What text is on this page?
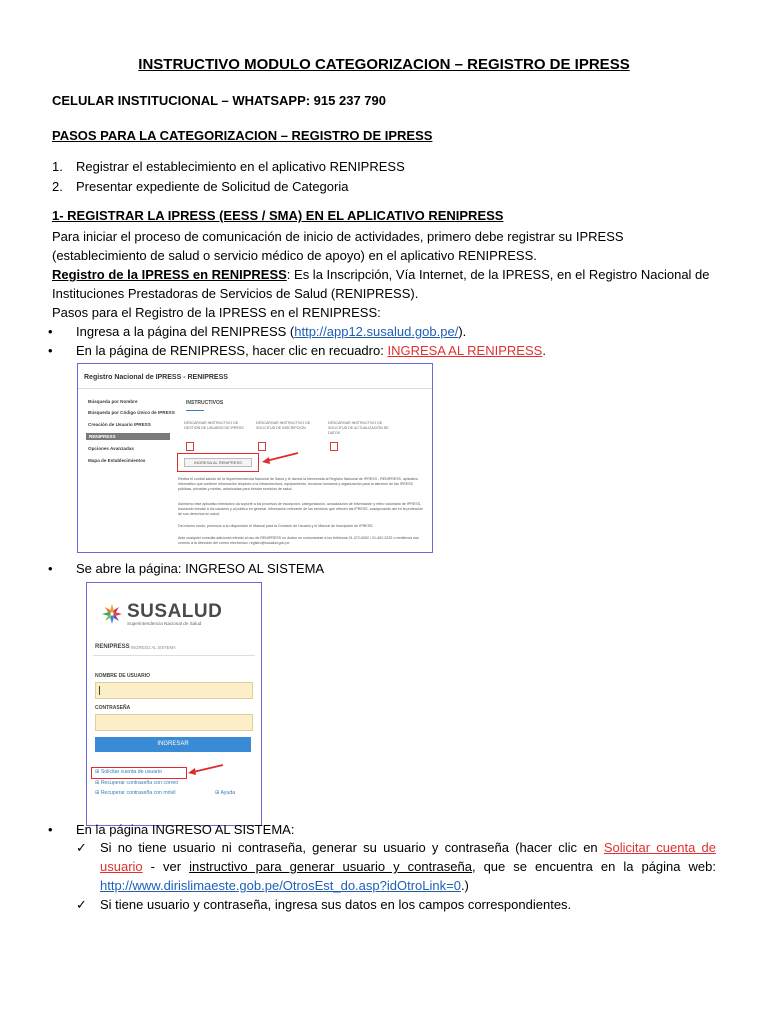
INSTRUCTIVO MODULO CATEGORIZACION – REGISTRO DE IPRESS
CELULAR INSTITUCIONAL – WHATSAPP: 915 237 790
PASOS PARA LA CATEGORIZACION – REGISTRO DE IPRESS
1. Registrar el establecimiento en el aplicativo RENIPRESS
2. Presentar expediente de Solicitud de Categoria
1- REGISTRAR LA IPRESS (EESS / SMA) EN EL APLICATIVO RENIPRESS
Para iniciar el proceso de comunicación de inicio de actividades, primero debe registrar su IPRESS (establecimiento de salud o servicio médico de apoyo) en el aplicativo RENIPRESS.
Registro de la IPRESS en RENIPRESS: Es la Inscripción, Vía Internet, de la IPRESS, en el Registro Nacional de Instituciones Prestadoras de Servicios de Salud (RENIPRESS).
Pasos para el Registro de la IPRESS en el RENIPRESS:
• Ingresa a la página del RENIPRESS (http://app12.susalud.gob.pe/).
• En la página de RENIPRESS, hacer clic en recuadro: INGRESA AL RENIPRESS.
Registro Nacional de IPRESS - RENIPRESS
Búsqueda por Nombre
Búsqueda por Código Único de IPRESS
Creación de Usuario IPRESS
RENIPRESS
Opciones Avanzadas
Mapa de Establecimientos
INSTRUCTIVOS
DESCARGAR INSTRUCTIVO DE GESTIÓN DE USUARIO DE IPRESS
DESCARGAR INSTRUCTIVO DE SOLICITUD DE INSCRIPCIÓN
DESCARGAR INSTRUCTIVO DE SOLICITUD DE ACTUALIZACIÓN DE DATOS
INGRESA AL RENIPRESS
Reciba el cordial saludo de la Superintendencia Nacional de Salud y le damos la bienvenida al Registro Nacional de IPRESS - RENIPRESS, aplicativo informático que contiene información respecto a la infraestructura, equipamiento, recursos humanos y organización para la atención de las IPRESS públicas, privadas y mixtas, autorizadas para brindar servicios de salud.
Asimismo este aplicativo interactivo da soporte a los procesos de inscripción, categorización, actualización de información y retiro voluntario de IPRESS, buscando brindar a los usuarios y al público en general, información relevante de los servicios que ofrecen las IPRESS, coadyuvando así en la protección de sus derechos en salud.
Del mismo modo, ponemos a su disposición el Manual para la Creación de Usuario y el Manual de Inscripción de IPRESS.
Ante cualquier consulta adicional referido al uso de RENIPRESS no duden en comunicarse a los teléfonos 01-372-6052 / 01-402-2232 o remitirnos sus correos a la dirección del correo electrónico: registro@susalud.gob.pe
• Se abre la página: INGRESO AL SISTEMA
SUSALUD
Superintendencia Nacional de Salud
RENIPRESS INGRESO AL SISTEMA
NOMBRE DE USUARIO
CONTRASEÑA
INGRESAR
⊞ Solicitar cuenta de usuario
⊞ Recuperar contraseña con correo
⊞ Recuperar contraseña con móvil	⊞ Ayuda
• En la página INGRESO AL SISTEMA:
✓ Si no tiene usuario ni contraseña, generar su usuario y contraseña (hacer clic en Solicitar cuenta de usuario - ver instructivo para generar usuario y contraseña, que se encuentra en la página web: http://www.dirislimaeste.gob.pe/OtrosEst_do.asp?idOtroLink=0.)
✓ Si tiene usuario y contraseña, ingresa sus datos en los campos correspondientes.
